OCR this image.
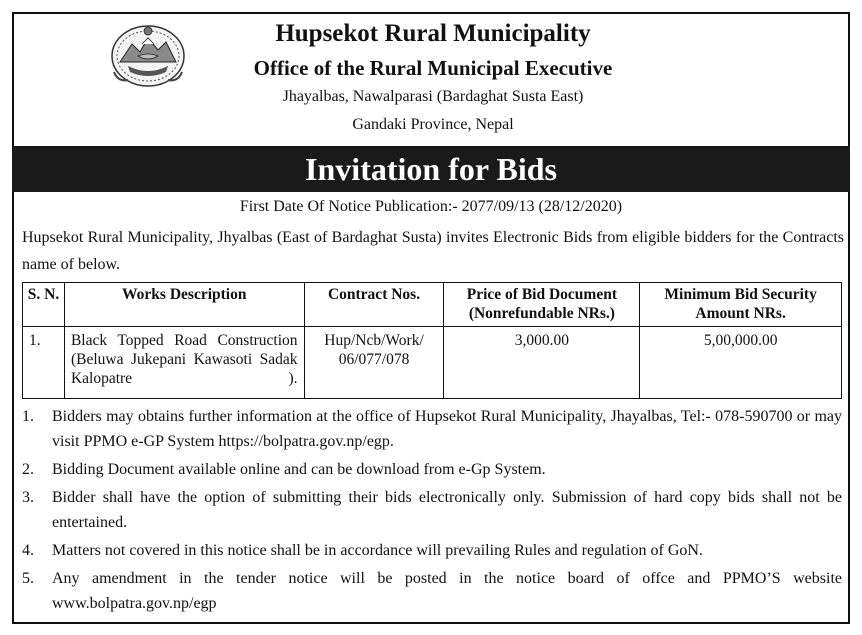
Hupsekot Rural Municipality
Office of the Rural Municipal Executive
Jhayalbas, Nawalparasi (Bardaghat Susta East)
Gandaki Province, Nepal
Invitation for Bids
First Date Of Notice Publication:- 2077/09/13 (28/12/2020)
Hupsekot Rural Municipality, Jhyalbas (East of Bardaghat Susta) invites Electronic Bids from eligible bidders for the Contracts name of below.
S. N.	Works Description	Contract Nos.	Price of Bid Document (Nonrefundable NRs.)	Minimum Bid Security Amount NRs.
1.	Black Topped Road Construction (Beluwa Jukepani Kawasoti Sadak Kalopatre ).	Hup/Ncb/Work/ 06/077/078	3,000.00	5,00,000.00
1. Bidders may obtains further information at the office of Hupsekot Rural Municipality, Jhayalbas, Tel:- 078-590700 or may visit PPMO e-GP System https://bolpatra.gov.np/egp.
2. Bidding Document available online and can be download from e-Gp System.
3. Bidder shall have the option of submitting their bids electronically only. Submission of hard copy bids shall not be entertained.
4. Matters not covered in this notice shall be in accordance will prevailing Rules and regulation of GoN.
5. Any amendment in the tender notice will be posted in the notice board of offce and PPMO’S website www.bolpatra.gov.np/egp
